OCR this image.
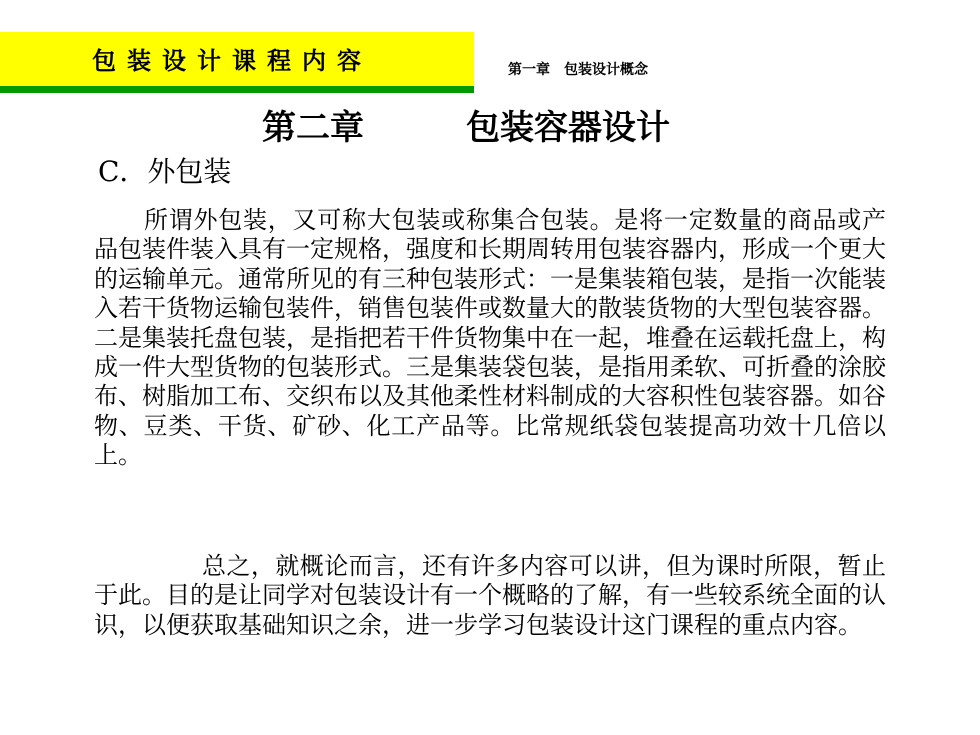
包装设计课程内容	第一章　包装设计概念
第二章　　　包装容器设计
C．外包装

所谓外包装，又可称大包装或称集合包装。是将一定数量的商品或产品包装件装入具有一定规格，强度和长期周转用包装容器内，形成一个更大的运输单元。通常所见的有三种包装形式：一是集装箱包装，是指一次能装入若干货物运输包装件，销售包装件或数量大的散装货物的大型包装容器。二是集装托盘包装，是指把若干件货物集中在一起，堆叠在运载托盘上，构成一件大型货物的包装形式。三是集装袋包装，是指用柔软、可折叠的涂胶布、树脂加工布、交织布以及其他柔性材料制成的大容积性包装容器。如谷物、豆类、干货、矿砂、化工产品等。比常规纸袋包装提高功效十几倍以上。

总之，就概论而言，还有许多内容可以讲，但为课时所限，暂止于此。目的是让同学对包装设计有一个概略的了解，有一些较系统全面的认识，以便获取基础知识之余，进一步学习包装设计这门课程的重点内容。
